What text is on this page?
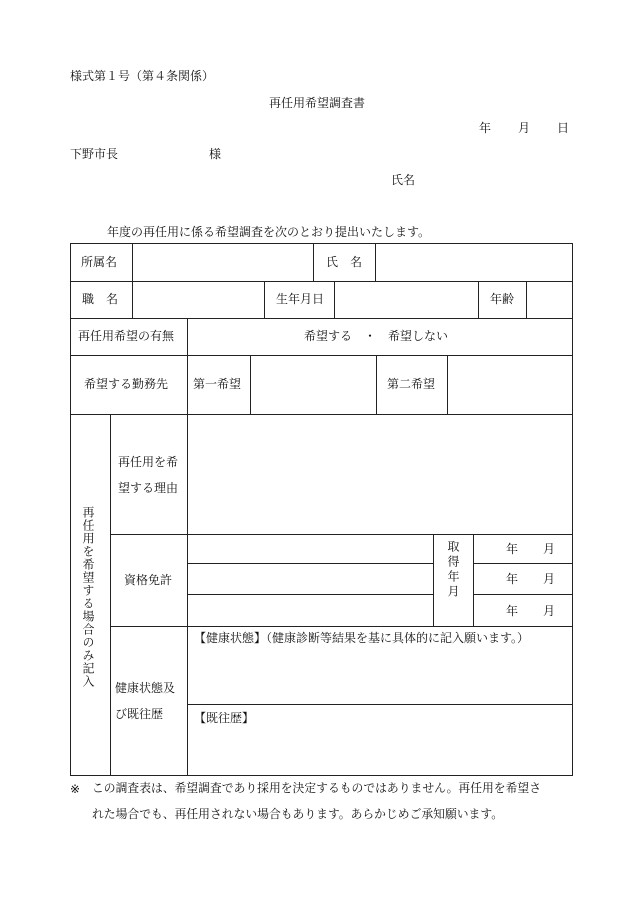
様式第１号（第４条関係）
再任用希望調査書
年 月 日
下野市長	様
氏名
年度の再任用に係る希望調査を次のとおり提出いたします。
所属名	氏　名
職　名	生年月日	年齢
再任用希望の有無	希望する　・　希望しない
希望する勤務先 第一希望	第二希望
再任用を希望する場合のみ記入
再任用を希
望する理由
資格免許	取得年月	年 月
年 月
年 月
健康状態及
び既往歴
【健康状態】（健康診断等結果を基に具体的に記入願います。）
【既往歴】
※ この調査表は、希望調査であり採用を決定するものではありません。再任用を希望さ
れた場合でも、再任用されない場合もあります。あらかじめご承知願います。
